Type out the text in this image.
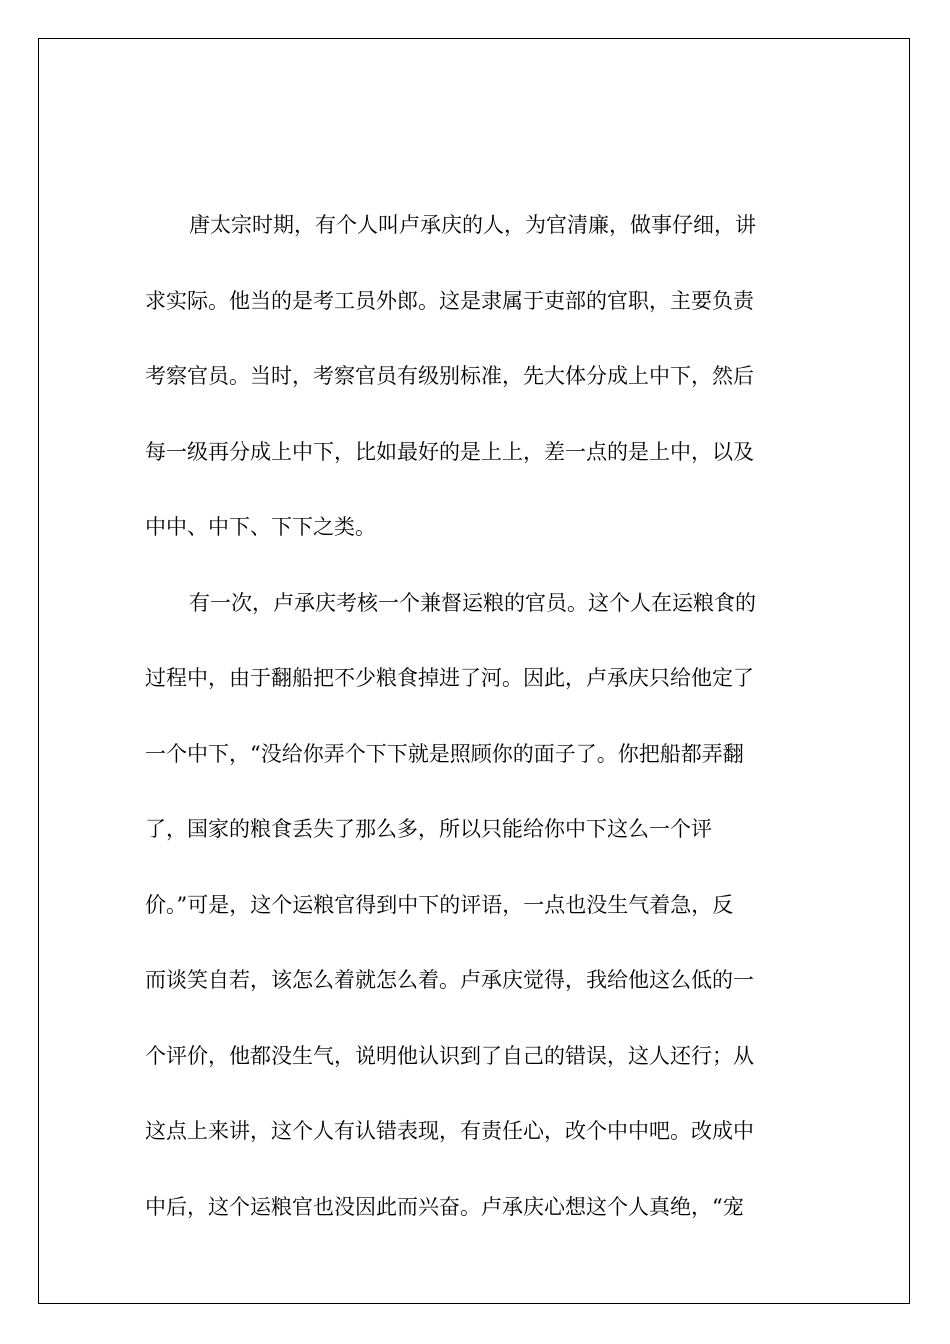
唐太宗时期，有个人叫卢承庆的人，为官清廉，做事仔细，讲
求实际。他当的是考工员外郎。这是隶属于吏部的官职，主要负责
考察官员。当时，考察官员有级别标准，先大体分成上中下，然后
每一级再分成上中下，比如最好的是上上，差一点的是上中，以及
中中、中下、下下之类。
有一次，卢承庆考核一个兼督运粮的官员。这个人在运粮食的
过程中，由于翻船把不少粮食掉进了河。因此，卢承庆只给他定了
一个中下，“没给你弄个下下就是照顾你的面子了。你把船都弄翻
了，国家的粮食丢失了那么多，所以只能给你中下这么一个评
价。”可是，这个运粮官得到中下的评语，一点也没生气着急，反
而谈笑自若，该怎么着就怎么着。卢承庆觉得，我给他这么低的一
个评价，他都没生气，说明他认识到了自己的错误，这人还行；从
这点上来讲，这个人有认错表现，有责任心，改个中中吧。改成中
中后，这个运粮官也没因此而兴奋。卢承庆心想这个人真绝，“宠
